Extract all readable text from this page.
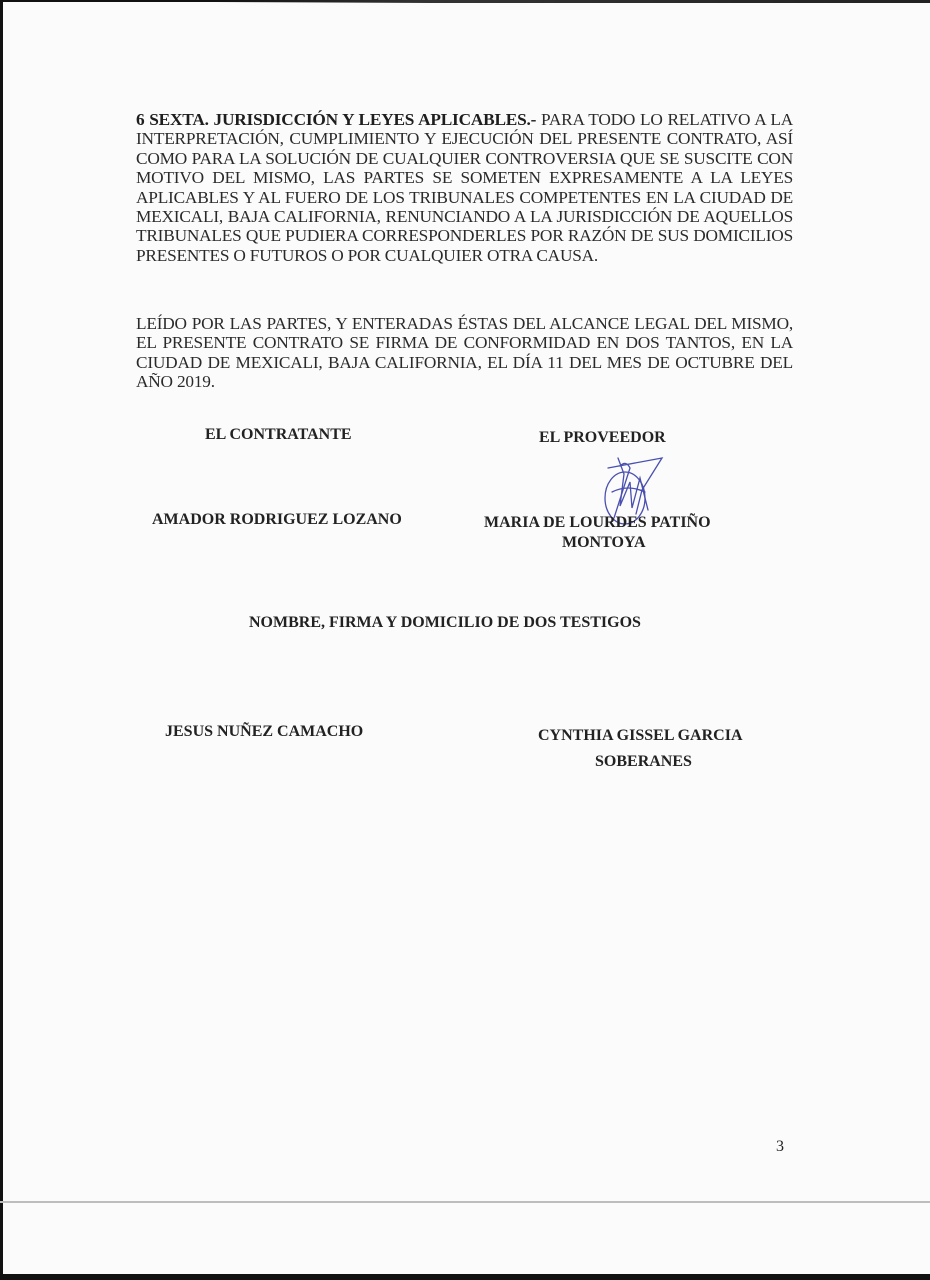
6 SEXTA. JURISDICCIÓN Y LEYES APLICABLES.- PARA TODO LO RELATIVO A LA INTERPRETACIÓN, CUMPLIMIENTO Y EJECUCIÓN DEL PRESENTE CONTRATO, ASÍ COMO PARA LA SOLUCIÓN DE CUALQUIER CONTROVERSIA QUE SE SUSCITE CON MOTIVO DEL MISMO, LAS PARTES SE SOMETEN EXPRESAMENTE A LA LEYES APLICABLES Y AL FUERO DE LOS TRIBUNALES COMPETENTES EN LA CIUDAD DE MEXICALI, BAJA CALIFORNIA, RENUNCIANDO A LA JURISDICCIÓN DE AQUELLOS TRIBUNALES QUE PUDIERA CORRESPONDERLES POR RAZÓN DE SUS DOMICILIOS PRESENTES O FUTUROS O POR CUALQUIER OTRA CAUSA.

LEÍDO POR LAS PARTES, Y ENTERADAS ÉSTAS DEL ALCANCE LEGAL DEL MISMO, EL PRESENTE CONTRATO SE FIRMA DE CONFORMIDAD EN DOS TANTOS, EN LA CIUDAD DE MEXICALI, BAJA CALIFORNIA, EL DÍA 11 DEL MES DE OCTUBRE DEL AÑO 2019.

EL CONTRATANTE	EL PROVEEDOR
AMADOR RODRIGUEZ LOZANO	MARIA DE LOURDES PATIÑO
MONTOYA
NOMBRE, FIRMA Y DOMICILIO DE DOS TESTIGOS
JESUS NUÑEZ CAMACHO	CYNTHIA GISSEL GARCIA
SOBERANES
3
